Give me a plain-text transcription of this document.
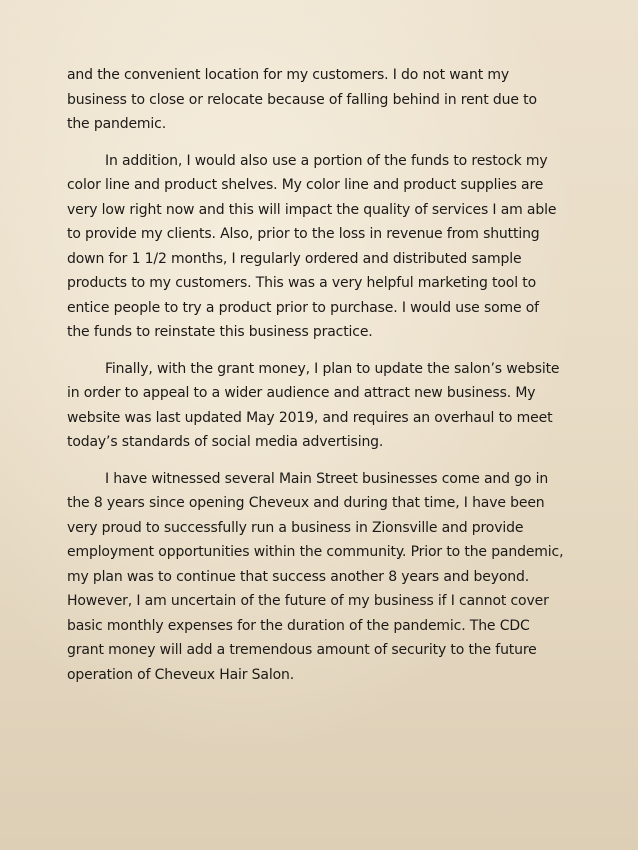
and the convenient location for my customers. I do not want my
business to close or relocate because of falling behind in rent due to
the pandemic.

In addition, I would also use a portion of the funds to restock my
color line and product shelves. My color line and product supplies are
very low right now and this will impact the quality of services I am able
to provide my clients. Also, prior to the loss in revenue from shutting
down for 1 1/2 months, I regularly ordered and distributed sample
products to my customers. This was a very helpful marketing tool to
entice people to try a product prior to purchase. I would use some of
the funds to reinstate this business practice.

Finally, with the grant money, I plan to update the salon’s website
in order to appeal to a wider audience and attract new business. My
website was last updated May 2019, and requires an overhaul to meet
today’s standards of social media advertising.

I have witnessed several Main Street businesses come and go in
the 8 years since opening Cheveux and during that time, I have been
very proud to successfully run a business in Zionsville and provide
employment opportunities within the community. Prior to the pandemic,
my plan was to continue that success another 8 years and beyond.
However, I am uncertain of the future of my business if I cannot cover
basic monthly expenses for the duration of the pandemic. The CDC
grant money will add a tremendous amount of security to the future
operation of Cheveux Hair Salon.
